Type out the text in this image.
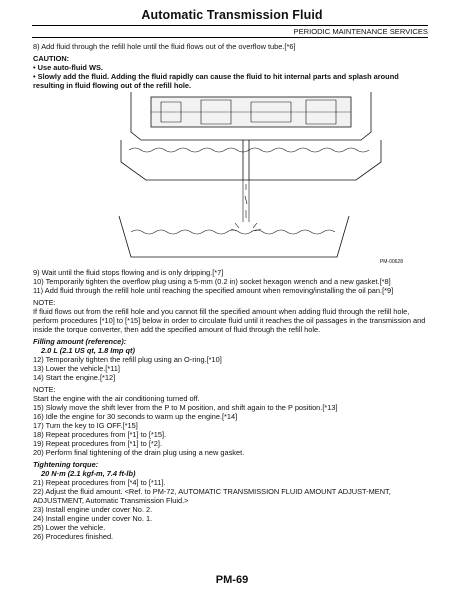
Automatic Transmission Fluid
PERIODIC MAINTENANCE SERVICES
8) Add fluid through the refill hole until the fluid flows out of the overflow tube.[*6]
CAUTION:
• Use auto-fluid WS.
• Slowly add the fluid. Adding the fluid rapidly can cause the fluid to hit internal parts and splash around resulting in fluid flowing out of the refill hole.
PM-00628
9) Wait until the fluid stops flowing and is only dripping.[*7]
10) Temporarily tighten the overflow plug using a 5-mm (0.2 in) socket hexagon wrench and a new gasket.[*8]
11) Add fluid through the refill hole until reaching the specified amount when removing/installing the oil pan.[*9]
NOTE:
If fluid flows out from the refill hole and you cannot fill the specified amount when adding fluid through the refill hole, perform procedures [*10] to [*15] below in order to circulate fluid until it reaches the oil passages in the transmission and inside the torque converter, then add the specified amount of fluid through the refill hole.
Filling amount (reference):
2.0 L (2.1 US qt, 1.8 Imp qt)
12) Temporarily tighten the refill plug using an O-ring.[*10]
13) Lower the vehicle.[*11]
14) Start the engine.[*12]
NOTE:
Start the engine with the air conditioning turned off.
15) Slowly move the shift lever from the P to M position, and shift again to the P position.[*13]
16) Idle the engine for 30 seconds to warm up the engine.[*14]
17) Turn the key to IG OFF.[*15]
18) Repeat procedures from [*1] to [*15].
19) Repeat procedures from [*1] to [*2].
20) Perform final tightening of the drain plug using a new gasket.
Tightening torque:
20 N·m (2.1 kgf-m, 7.4 ft-lb)
21) Repeat procedures from [*4] to [*11].
22) Adjust the fluid amount. <Ref. to PM-72, AUTOMATIC TRANSMISSION FLUID AMOUNT ADJUST-MENT, ADJUSTMENT, Automatic Transmission Fluid.>
23) Install engine under cover No. 2.
24) Install engine under cover No. 1.
25) Lower the vehicle.
26) Procedures finished.
PM-69
